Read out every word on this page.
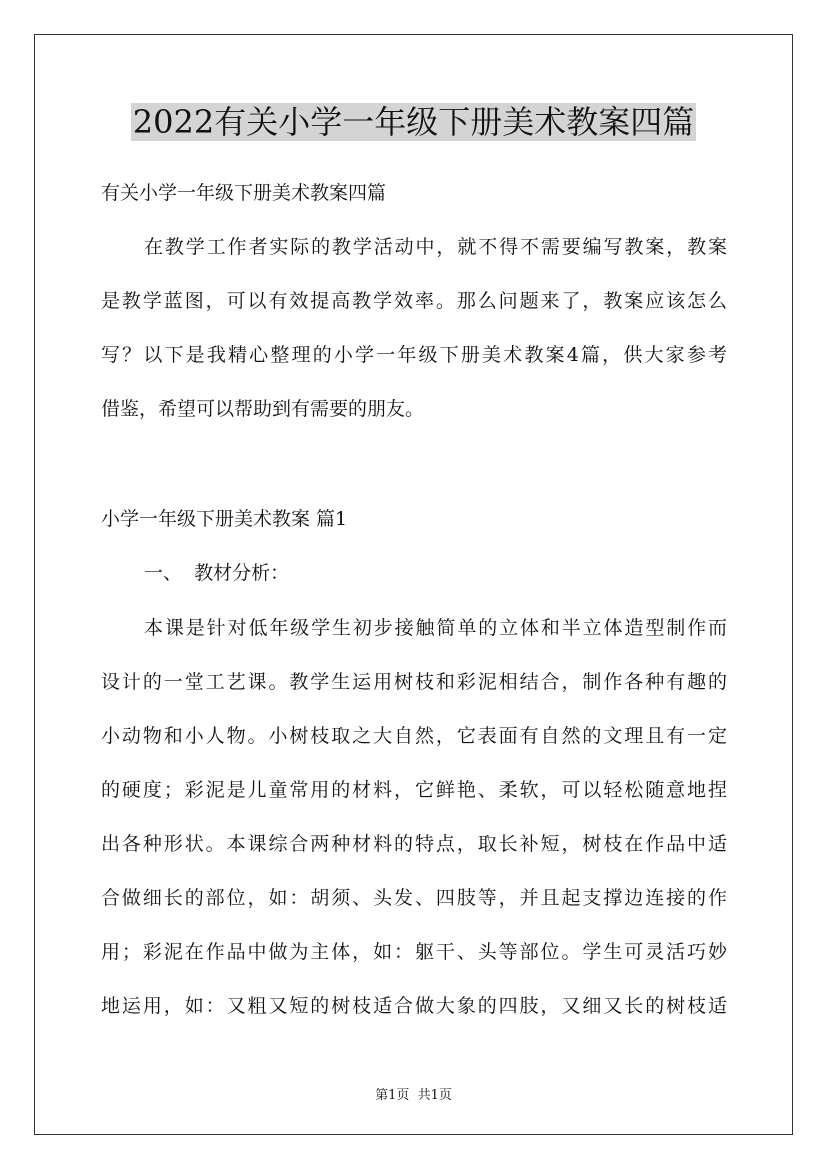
2022有关小学一年级下册美术教案四篇
有关小学一年级下册美术教案四篇
在教学工作者实际的教学活动中，就不得不需要编写教案，教案
是教学蓝图，可以有效提高教学效率。那么问题来了，教案应该怎么
写？以下是我精心整理的小学一年级下册美术教案4篇，供大家参考
借鉴，希望可以帮助到有需要的朋友。
小学一年级下册美术教案 篇1
一、  教材分析：
本课是针对低年级学生初步接触简单的立体和半立体造型制作而
设计的一堂工艺课。教学生运用树枝和彩泥相结合，制作各种有趣的
小动物和小人物。小树枝取之大自然，它表面有自然的文理且有一定
的硬度；彩泥是儿童常用的材料，它鲜艳、柔软，可以轻松随意地捏
出各种形状。本课综合两种材料的特点，取长补短，树枝在作品中适
合做细长的部位，如：胡须、头发、四肢等，并且起支撑边连接的作
用；彩泥在作品中做为主体，如：躯干、头等部位。学生可灵活巧妙
地运用，如：又粗又短的树枝适合做大象的四肢，又细又长的树枝适
第1页  共1页
